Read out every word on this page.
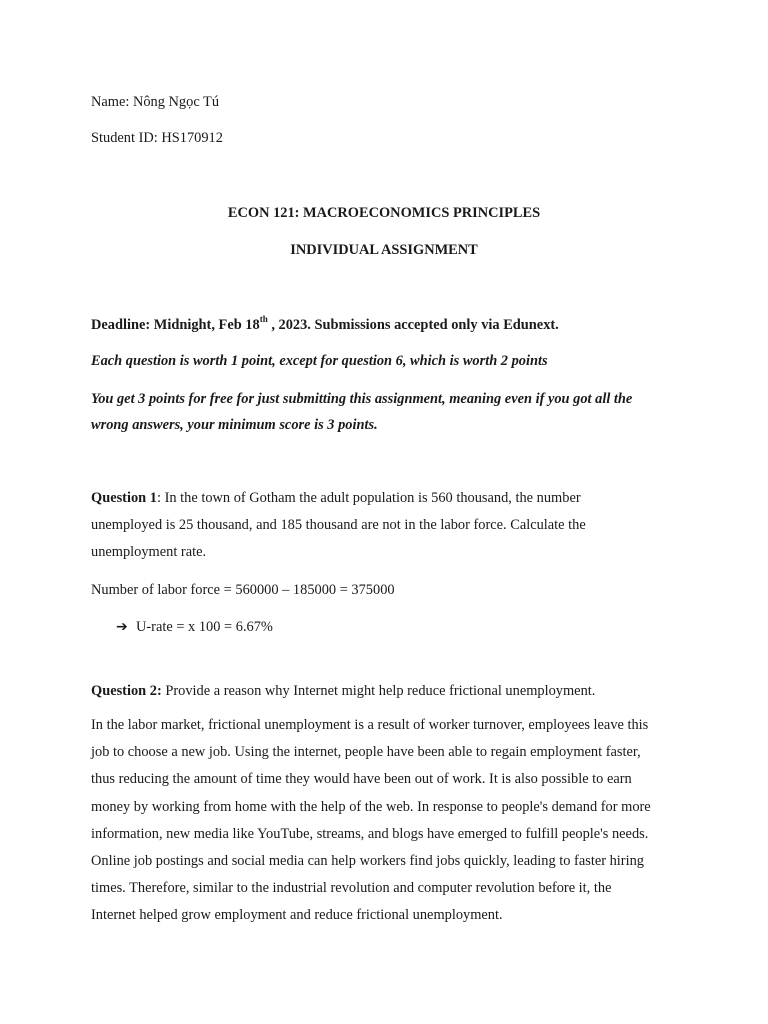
Name: Nông Ngọc Tú
Student ID: HS170912
ECON 121: MACROECONOMICS PRINCIPLES
INDIVIDUAL ASSIGNMENT
Deadline: Midnight, Feb 18th , 2023. Submissions accepted only via Edunext.
Each question is worth 1 point, except for question 6, which is worth 2 points
You get 3 points for free for just submitting this assignment, meaning even if you got all the
wrong answers, your minimum score is 3 points.
Question 1: In the town of Gotham the adult population is 560 thousand, the number
unemployed is 25 thousand, and 185 thousand are not in the labor force. Calculate the
unemployment rate.
Number of labor force = 560000 – 185000 = 375000
➔ U-rate = x 100 = 6.67%
Question 2: Provide a reason why Internet might help reduce frictional unemployment.
In the labor market, frictional unemployment is a result of worker turnover, employees leave this
job to choose a new job. Using the internet, people have been able to regain employment faster,
thus reducing the amount of time they would have been out of work. It is also possible to earn
money by working from home with the help of the web. In response to people's demand for more
information, new media like YouTube, streams, and blogs have emerged to fulfill people's needs.
Online job postings and social media can help workers find jobs quickly, leading to faster hiring
times. Therefore, similar to the industrial revolution and computer revolution before it, the
Internet helped grow employment and reduce frictional unemployment.
